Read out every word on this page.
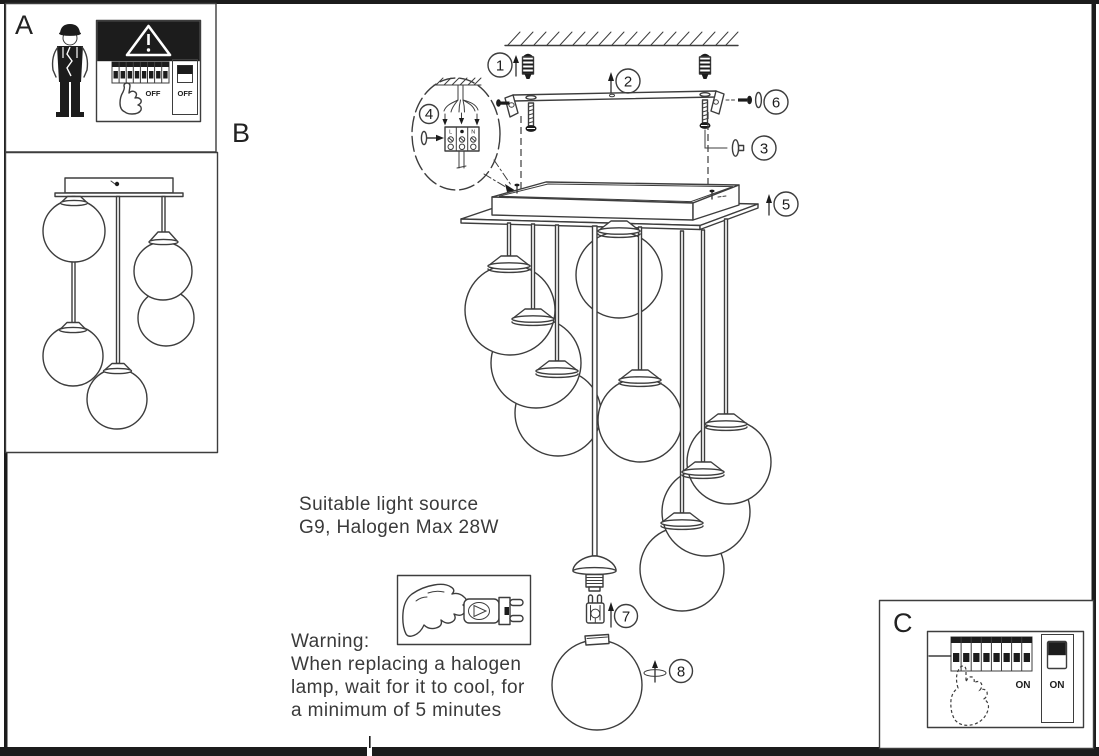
OFF OFF
1
2
6
3
L	N
4
5
7
8
ON ON
A
B
C
Suitable light source
G9, Halogen Max 28W
Warning:
When replacing a halogen
lamp, wait for it to cool, for
a minimum of 5 minutes
